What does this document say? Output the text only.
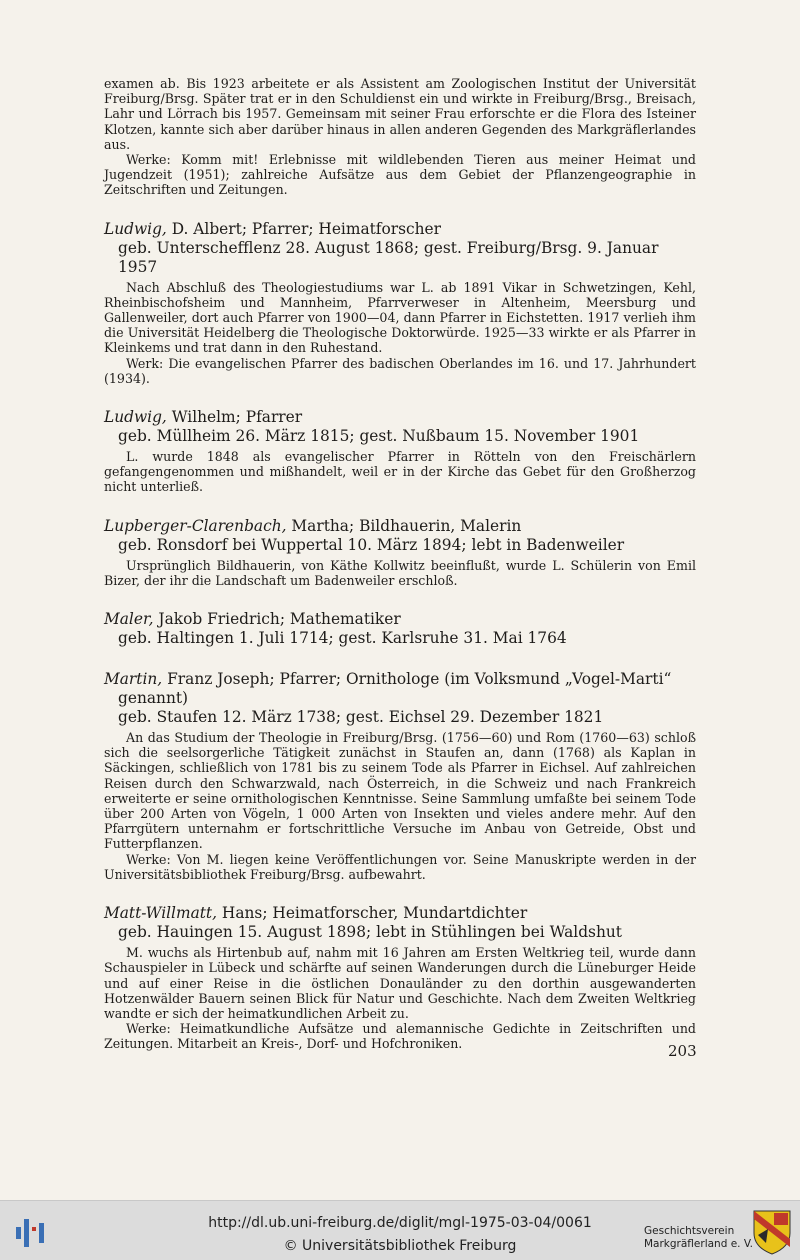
examen ab. Bis 1923 arbeitete er als Assistent am Zoologischen Institut der Universität Freiburg/Brsg. Später trat er in den Schuldienst ein und wirkte in Freiburg/Brsg., Breisach, Lahr und Lörrach bis 1957. Gemeinsam mit seiner Frau erforschte er die Flora des Isteiner Klotzen, kannte sich aber darüber hinaus in allen anderen Gegenden des Markgräflerlandes aus.

Werke: Komm mit! Erlebnisse mit wildlebenden Tieren aus meiner Heimat und Jugendzeit (1951); zahlreiche Aufsätze aus dem Gebiet der Pflanzengeographie in Zeitschriften und Zeitungen.

Ludwig, D. Albert; Pfarrer; Heimatforscher

geb. Unterschefflenz 28. August 1868; gest. Freiburg/Brsg. 9. Januar 1957

Nach Abschluß des Theologiestudiums war L. ab 1891 Vikar in Schwetzingen, Kehl, Rheinbischofsheim und Mannheim, Pfarrverweser in Altenheim, Meersburg und Gallenweiler, dort auch Pfarrer von 1900—04, dann Pfarrer in Eichstetten. 1917 verlieh ihm die Universität Heidelberg die Theologische Doktorwürde. 1925—33 wirkte er als Pfarrer in Kleinkems und trat dann in den Ruhestand.

Werk: Die evangelischen Pfarrer des badischen Oberlandes im 16. und 17. Jahrhundert (1934).

Ludwig, Wilhelm; Pfarrer

geb. Müllheim 26. März 1815; gest. Nußbaum 15. November 1901

L. wurde 1848 als evangelischer Pfarrer in Rötteln von den Freischärlern gefangengenommen und mißhandelt, weil er in der Kirche das Gebet für den Großherzog nicht unterließ.

Lupberger-Clarenbach, Martha; Bildhauerin, Malerin

geb. Ronsdorf bei Wuppertal 10. März 1894; lebt in Badenweiler

Ursprünglich Bildhauerin, von Käthe Kollwitz beeinflußt, wurde L. Schülerin von Emil Bizer, der ihr die Landschaft um Badenweiler erschloß.

Maler, Jakob Friedrich; Mathematiker

geb. Haltingen 1. Juli 1714; gest. Karlsruhe 31. Mai 1764

Martin, Franz Joseph; Pfarrer; Ornithologe (im Volksmund „Vogel-Marti“

genannt)

geb. Staufen 12. März 1738; gest. Eichsel 29. Dezember 1821

An das Studium der Theologie in Freiburg/Brsg. (1756—60) und Rom (1760—63) schloß sich die seelsorgerliche Tätigkeit zunächst in Staufen an, dann (1768) als Kaplan in Säckingen, schließlich von 1781 bis zu seinem Tode als Pfarrer in Eichsel. Auf zahlreichen Reisen durch den Schwarzwald, nach Österreich, in die Schweiz und nach Frankreich erweiterte er seine ornithologischen Kenntnisse. Seine Sammlung umfaßte bei seinem Tode über 200 Arten von Vögeln, 1 000 Arten von Insekten und vieles andere mehr. Auf den Pfarrgütern unternahm er fortschrittliche Versuche im Anbau von Getreide, Obst und Futterpflanzen.

Werke: Von M. liegen keine Veröffentlichungen vor. Seine Manuskripte werden in der Universitätsbibliothek Freiburg/Brsg. aufbewahrt.

Matt-Willmatt, Hans; Heimatforscher, Mundartdichter

geb. Hauingen 15. August 1898; lebt in Stühlingen bei Waldshut

M. wuchs als Hirtenbub auf, nahm mit 16 Jahren am Ersten Weltkrieg teil, wurde dann Schauspieler in Lübeck und schärfte auf seinen Wanderungen durch die Lüneburger Heide und auf einer Reise in die östlichen Donauländer zu den dorthin ausgewanderten Hotzenwälder Bauern seinen Blick für Natur und Geschichte. Nach dem Zweiten Weltkrieg wandte er sich der heimatkundlichen Arbeit zu.

Werke: Heimatkundliche Aufsätze und alemannische Gedichte in Zeitschriften und Zeitungen. Mitarbeit an Kreis-, Dorf- und Hofchroniken.	203
http://dl.ub.uni-freiburg.de/diglit/mgl-1975-03-04/0061
© Universitätsbibliothek Freiburg
Geschichtsverein
Markgräflerland e. V.
